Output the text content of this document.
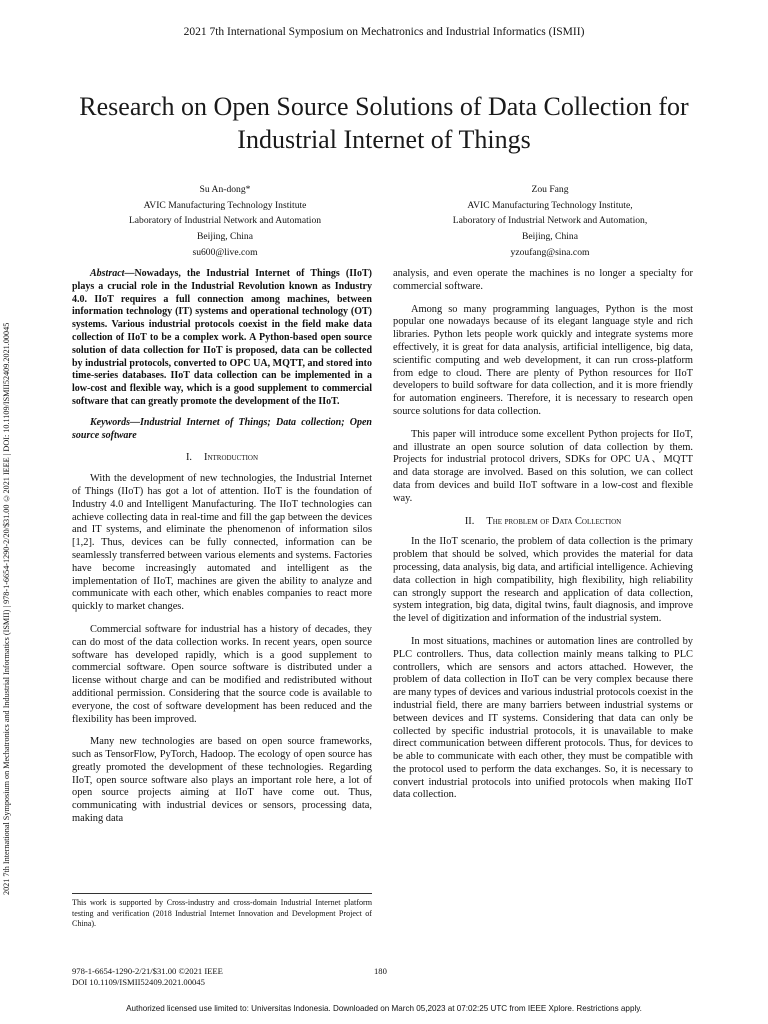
2021 7th International Symposium on Mechatronics and Industrial Informatics (ISMII)
2021 7th International Symposium on Mechatronics and Industrial Informatics (ISMII) | 978-1-6654-1290-2/20/$31.00 ©2021 IEEE | DOI: 10.1109/ISMII52409.2021.00045
Research on Open Source Solutions of Data Collection for Industrial Internet of Things
Su An-dong*
AVIC Manufacturing Technology Institute
Laboratory of Industrial Network and Automation
Beijing, China
su600@live.com
Zou Fang
AVIC Manufacturing Technology Institute,
Laboratory of Industrial Network and Automation,
Beijing, China
yzoufang@sina.com

Abstract—Nowadays, the Industrial Internet of Things (IIoT) plays a crucial role in the Industrial Revolution known as Industry 4.0. IIoT requires a full connection among machines, between information technology (IT) systems and operational technology (OT) systems. Various industrial protocols coexist in the field make data collection of IIoT to be a complex work. A Python-based open source solution of data collection for IIoT is proposed, data can be collected by industrial protocols, converted to OPC UA, MQTT, and stored into time-series databases. IIoT data collection can be implemented in a low-cost and flexible way, which is a good supplement to commercial software that can greatly promote the development of the IIoT.

Keywords—Industrial Internet of Things; Data collection; Open source software

I. Introduction

With the development of new technologies, the Industrial Internet of Things (IIoT) has got a lot of attention. IIoT is the foundation of Industry 4.0 and Intelligent Manufacturing. The IIoT technologies can achieve collecting data in real-time and fill the gap between the devices and IT systems, and eliminate the phenomenon of information silos [1,2]. Thus, devices can be fully connected, information can be seamlessly transferred between various elements and systems. Factories have become increasingly automated and intelligent as the implementation of IIoT, machines are given the ability to analyze and communicate with each other, which enables companies to react more quickly to market changes.

Commercial software for industrial has a history of decades, they can do most of the data collection works. In recent years, open source software has developed rapidly, which is a good supplement to commercial software. Open source software is distributed under a license without charge and can be modified and redistributed without additional permission. Considering that the source code is available to everyone, the cost of software development has been reduced and the flexibility has been improved.

Many new technologies are based on open source frameworks, such as TensorFlow, PyTorch, Hadoop. The ecology of open source has greatly promoted the development of these technologies. Regarding IIoT, open source software also plays an important role here, a lot of open source projects aiming at IIoT have come out. Thus, communicating with industrial devices or sensors, processing data, making data

analysis, and even operate the machines is no longer a specialty for commercial software.

Among so many programming languages, Python is the most popular one nowadays because of its elegant language style and rich libraries. Python lets people work quickly and integrate systems more effectively, it is great for data analysis, artificial intelligence, big data, scientific computing and web development, it can run cross-platform from edge to cloud. There are plenty of Python resources for IIoT developers to build software for data collection, and it is more friendly for automation engineers. Therefore, it is necessary to research open source solutions for data collection.

This paper will introduce some excellent Python projects for IIoT, and illustrate an open source solution of data collection by them. Projects for industrial protocol drivers, SDKs for OPC UA、MQTT and data storage are involved. Based on this solution, we can collect data from devices and build IIoT software in a low-cost and flexible way.

II. The problem of Data Collection

In the IIoT scenario, the problem of data collection is the primary problem that should be solved, which provides the material for data processing, data analysis, big data, and artificial intelligence. Achieving data collection in high compatibility, high flexibility, high reliability can strongly support the research and application of data collection, system integration, big data, digital twins, fault diagnosis, and improve the level of digitization and information of the industrial system.

In most situations, machines or automation lines are controlled by PLC controllers. Thus, data collection mainly means talking to PLC controllers, which are sensors and actors attached. However, the problem of data collection in IIoT can be very complex because there are many types of devices and various industrial protocols coexist in the industrial field, there are many barriers between industrial systems or between devices and IT systems. Considering that data can only be collected by specific industrial protocols, it is unavailable to make direct communication between different protocols. Thus, for devices to be able to communicate with each other, they must be compatible with the protocol used to perform the data exchanges. So, it is necessary to convert industrial protocols into unified protocols when making IIoT data collection.

This work is supported by Cross-industry and cross-domain Industrial Internet platform testing and verification (2018 Industrial Internet Innovation and Development Project of China).
978-1-6654-1290-2/21/$31.00 ©2021 IEEE
DOI 10.1109/ISMII52409.2021.00045
180
Authorized licensed use limited to: Universitas Indonesia. Downloaded on March 05,2023 at 07:02:25 UTC from IEEE Xplore. Restrictions apply.
